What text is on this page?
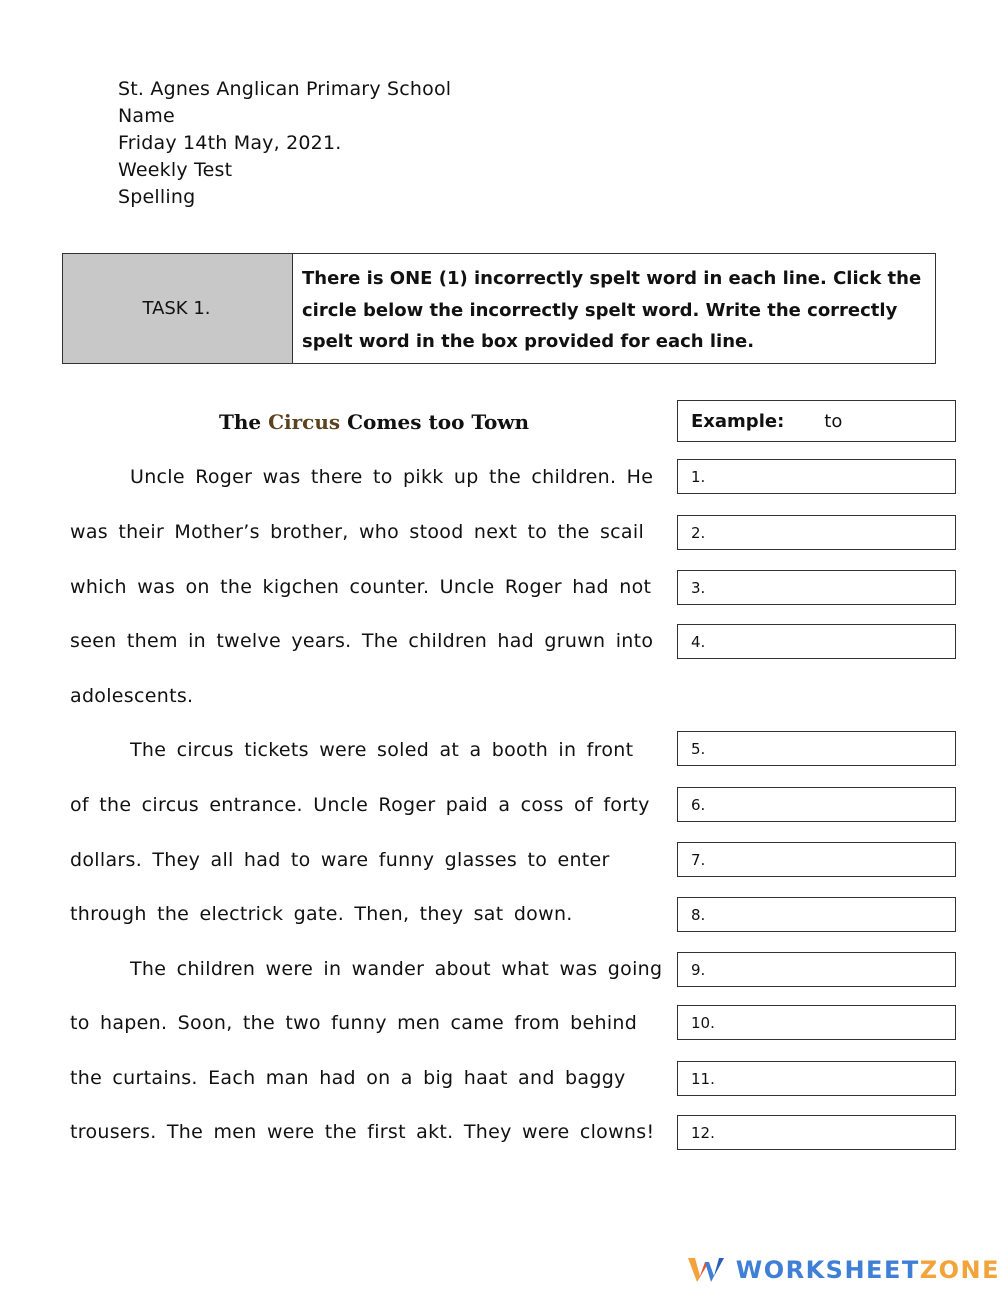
St. Agnes Anglican Primary School
Name
Friday 14th May, 2021.
Weekly Test
Spelling
TASK 1.
There is ONE (1) incorrectly spelt word in each line. Click the circle below the incorrectly spelt word. Write the correctly spelt word in the box provided for each line.
The Circus Comes too Town
Uncle Roger was there to pikk up the children. He
was their Mother’s brother, who stood next to the scail
which was on the kigchen counter. Uncle Roger had not
seen them in twelve years. The children had gruwn into
adolescents.
The circus tickets were soled at a booth in front
of the circus entrance. Uncle Roger paid a coss of forty
dollars. They all had to ware funny glasses to enter
through the electrick gate. Then, they sat down.
The children were in wander about what was going
to hapen. Soon, the two funny men came from behind
the curtains. Each man had on a big haat and baggy
trousers. The men were the first akt. They were clowns!
Example: to
1.
2.
3.
4.
5.
6.
7.
8.
9.
10.
11.
12.
WORKSHEETZONE
